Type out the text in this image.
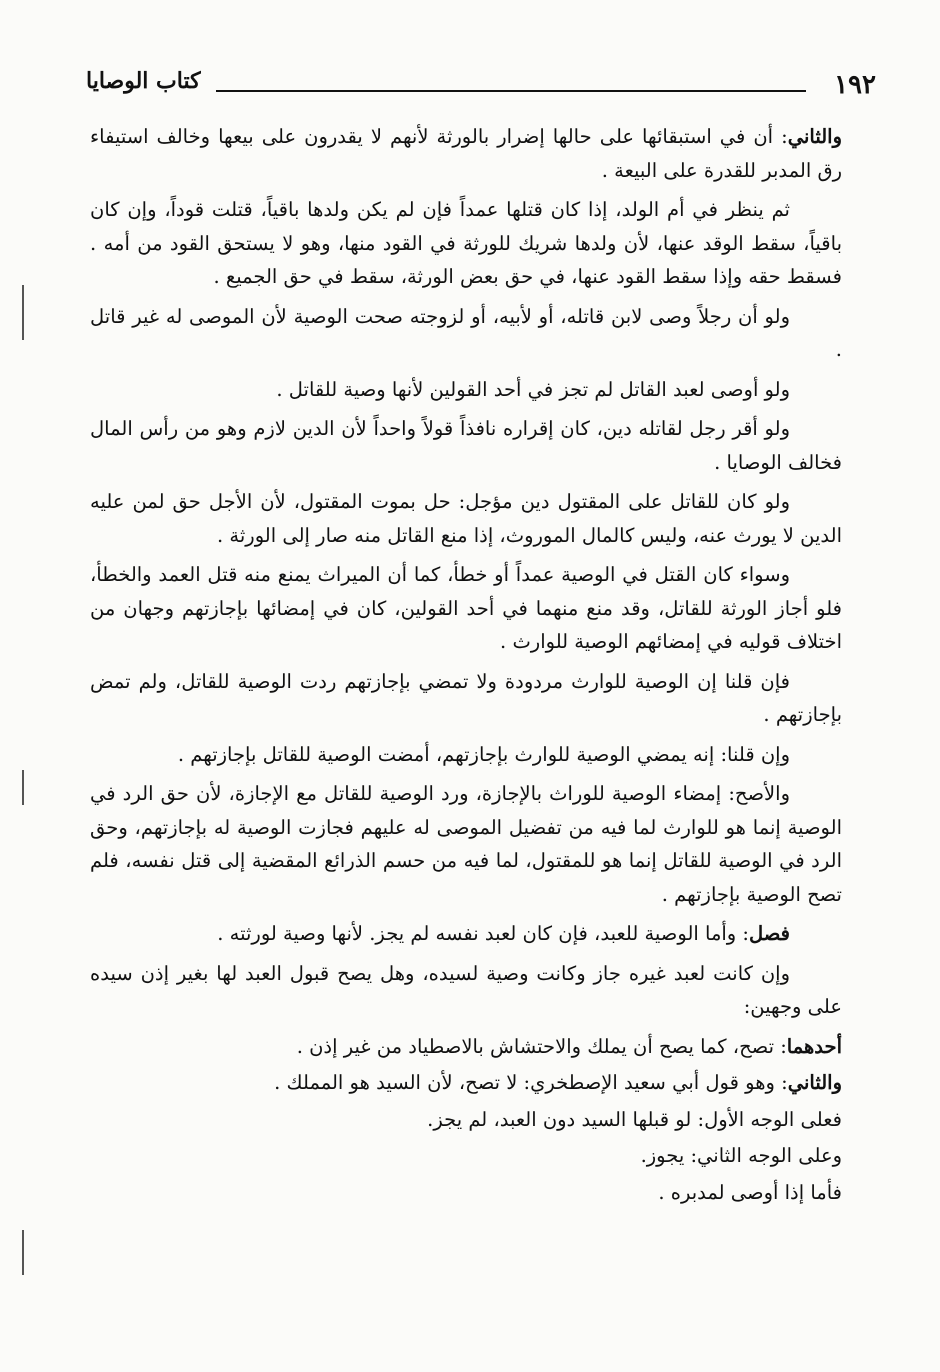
١٩٢
كتاب الوصايا

والثاني: أن في استبقائها على حالها إضرار بالورثة لأنهم لا يقدرون على بيعها وخالف استيفاء رق المدبر للقدرة على البيعة .

ثم ينظر في أم الولد، إذا كان قتلها عمداً فإن لم يكن ولدها باقياً، قتلت قوداً، وإن كان باقياً، سقط الوقد عنها، لأن ولدها شريك للورثة في القود منها، وهو لا يستحق القود من أمه . فسقط حقه وإذا سقط القود عنها، في حق بعض الورثة، سقط في حق الجميع .

ولو أن رجلاً وصى لابن قاتله، أو لأبيه، أو لزوجته صحت الوصية لأن الموصى له غير قاتل .

ولو أوصى لعبد القاتل لم تجز في أحد القولين لأنها وصية للقاتل .

ولو أقر رجل لقاتله دين، كان إقراره نافذاً قولاً واحداً لأن الدين لازم وهو من رأس المال فخالف الوصايا .

ولو كان للقاتل على المقتول دين مؤجل: حل بموت المقتول، لأن الأجل حق لمن عليه الدين لا يورث عنه، وليس كالمال الموروث، إذا منع القاتل منه صار إلى الورثة .

وسواء كان القتل في الوصية عمداً أو خطأ، كما أن الميراث يمنع منه قتل العمد والخطأ، فلو أجاز الورثة للقاتل، وقد منع منهما في أحد القولين، كان في إمضائها بإجازتهم وجهان من اختلاف قوليه في إمضائهم الوصية للوارث .

فإن قلنا إن الوصية للوارث مردودة ولا تمضي بإجازتهم ردت الوصية للقاتل، ولم تمض بإجازتهم .

وإن قلنا: إنه يمضي الوصية للوارث بإجازتهم، أمضت الوصية للقاتل بإجازتهم .

والأصح: إمضاء الوصية للوراث بالإجازة، ورد الوصية للقاتل مع الإجازة، لأن حق الرد في الوصية إنما هو للوارث لما فيه من تفضيل الموصى له عليهم فجازت الوصية له بإجازتهم، وحق الرد في الوصية للقاتل إنما هو للمقتول، لما فيه من حسم الذرائع المقضية إلى قتل نفسه، فلم تصح الوصية بإجازتهم .

فصل: وأما الوصية للعبد، فإن كان لعبد نفسه لم يجز. لأنها وصية لورثته .

وإن كانت لعبد غيره جاز وكانت وصية لسيده، وهل يصح قبول العبد لها بغير إذن سيده على وجهين:

أحدهما: تصح، كما يصح أن يملك والاحتشاش بالاصطياد من غير إذن .

والثاني: وهو قول أبي سعيد الإصطخري: لا تصح، لأن السيد هو المملك .

فعلى الوجه الأول: لو قبلها السيد دون العبد، لم يجز.

وعلى الوجه الثاني: يجوز.

فأما إذا أوصى لمدبره .
